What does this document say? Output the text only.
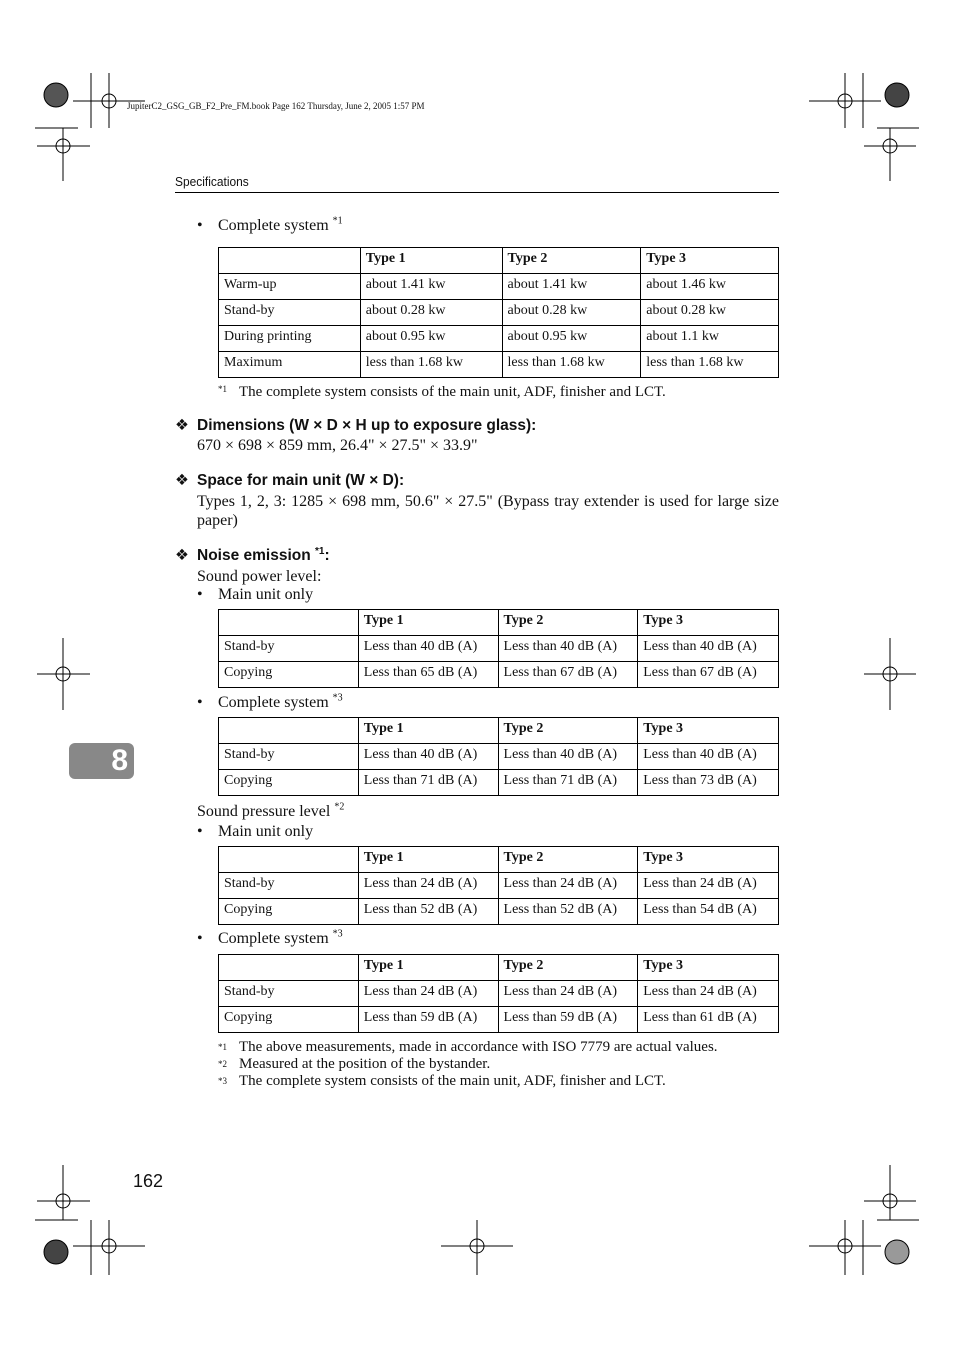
JupiterC2_GSG_GB_F2_Pre_FM.book Page 162 Thursday, June 2, 2005 1:57 PM
Specifications
• Complete system $^{*1}$
	Type 1	Type 2	Type 3
Warm-up	about 1.41 kw	about 1.41 kw	about 1.46 kw
Stand-by	about 0.28 kw	about 0.28 kw	about 0.28 kw
During printing	about 0.95 kw	about 0.95 kw	about 1.1 kw
Maximum	less than 1.68 kw	less than 1.68 kw	less than 1.68 kw
*1 The complete system consists of the main unit, ADF, finisher and LCT.
❖ Dimensions (W × D × H up to exposure glass):
670 × 698 × 859 mm, 26.4" × 27.5" × 33.9"
❖ Space for main unit (W × D):
Types 1, 2, 3: 1285 × 698 mm, 50.6" × 27.5" (Bypass tray extender is used for large size paper)
❖ Noise emission $^{*1}$:
Sound power level:
• Main unit only
	Type 1	Type 2	Type 3
Stand-by	Less than 40 dB (A)	Less than 40 dB (A)	Less than 40 dB (A)
Copying	Less than 65 dB (A)	Less than 67 dB (A)	Less than 67 dB (A)
• Complete system $^{*3}$
	Type 1	Type 2	Type 3
Stand-by	Less than 40 dB (A)	Less than 40 dB (A)	Less than 40 dB (A)
Copying	Less than 71 dB (A)	Less than 71 dB (A)	Less than 73 dB (A)
Sound pressure level $^{*2}$
• Main unit only
	Type 1	Type 2	Type 3
Stand-by	Less than 24 dB (A)	Less than 24 dB (A)	Less than 24 dB (A)
Copying	Less than 52 dB (A)	Less than 52 dB (A)	Less than 54 dB (A)
• Complete system $^{*3}$
	Type 1	Type 2	Type 3
Stand-by	Less than 24 dB (A)	Less than 24 dB (A)	Less than 24 dB (A)
Copying	Less than 59 dB (A)	Less than 59 dB (A)	Less than 61 dB (A)
*1 The above measurements, made in accordance with ISO 7779 are actual values.
*2 Measured at the position of the bystander.
*3 The complete system consists of the main unit, ADF, finisher and LCT.
8
162
